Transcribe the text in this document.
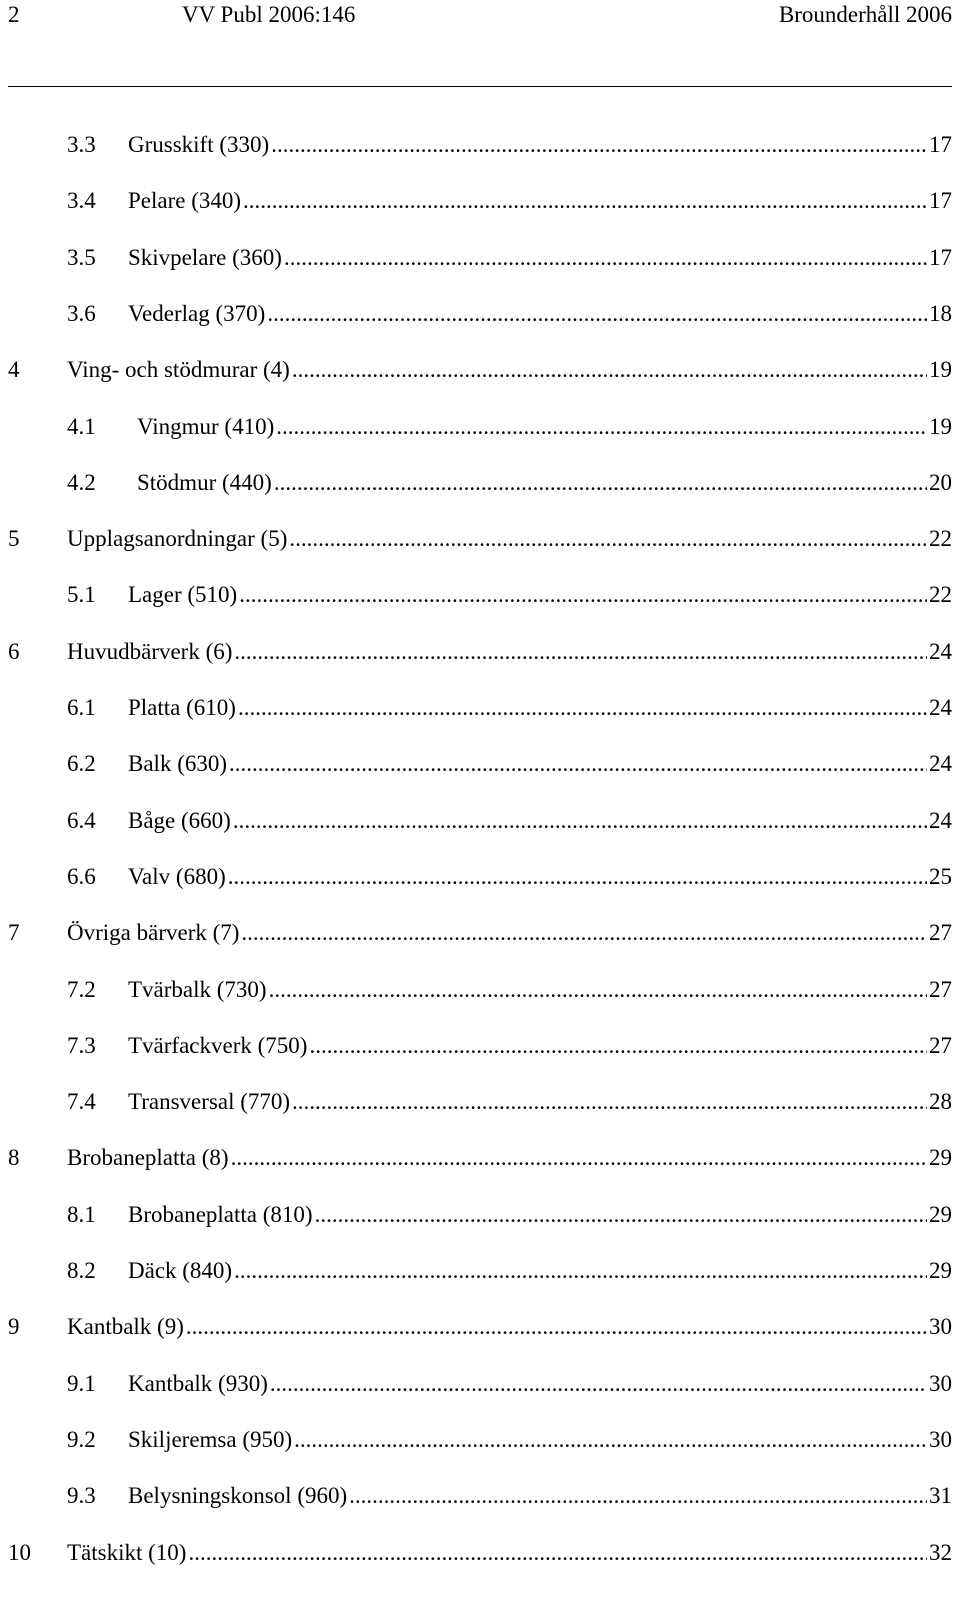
2	VV Publ 2006:146	Brounderhåll 2006
3.3 Grusskift (330) .....	17
3.4 Pelare (340) .....	17
3.5 Skivpelare (360) .....	17
3.6 Vederlag (370) .....	18
4 Ving- och stödmurar (4) .....	19
4.1 Vingmur (410) .....	19
4.2 Stödmur (440) .....	20
5 Upplagsanordningar (5) .....	22
5.1 Lager (510) .....	22
6 Huvudbärverk (6) .....	24
6.1 Platta (610) .....	24
6.2 Balk (630) .....	24
6.4 Båge (660) .....	24
6.6 Valv (680) .....	25
7 Övriga bärverk (7) .....	27
7.2 Tvärbalk (730) .....	27
7.3 Tvärfackverk (750) .....	27
7.4 Transversal (770) .....	28
8 Brobaneplatta (8) .....	29
8.1 Brobaneplatta (810) .....	29
8.2 Däck (840) .....	29
9 Kantbalk (9) .....	30
9.1 Kantbalk (930) .....	30
9.2 Skiljeremsa (950) .....	30
9.3 Belysningskonsol (960) .....	31
10 Tätskikt (10) .....	32
